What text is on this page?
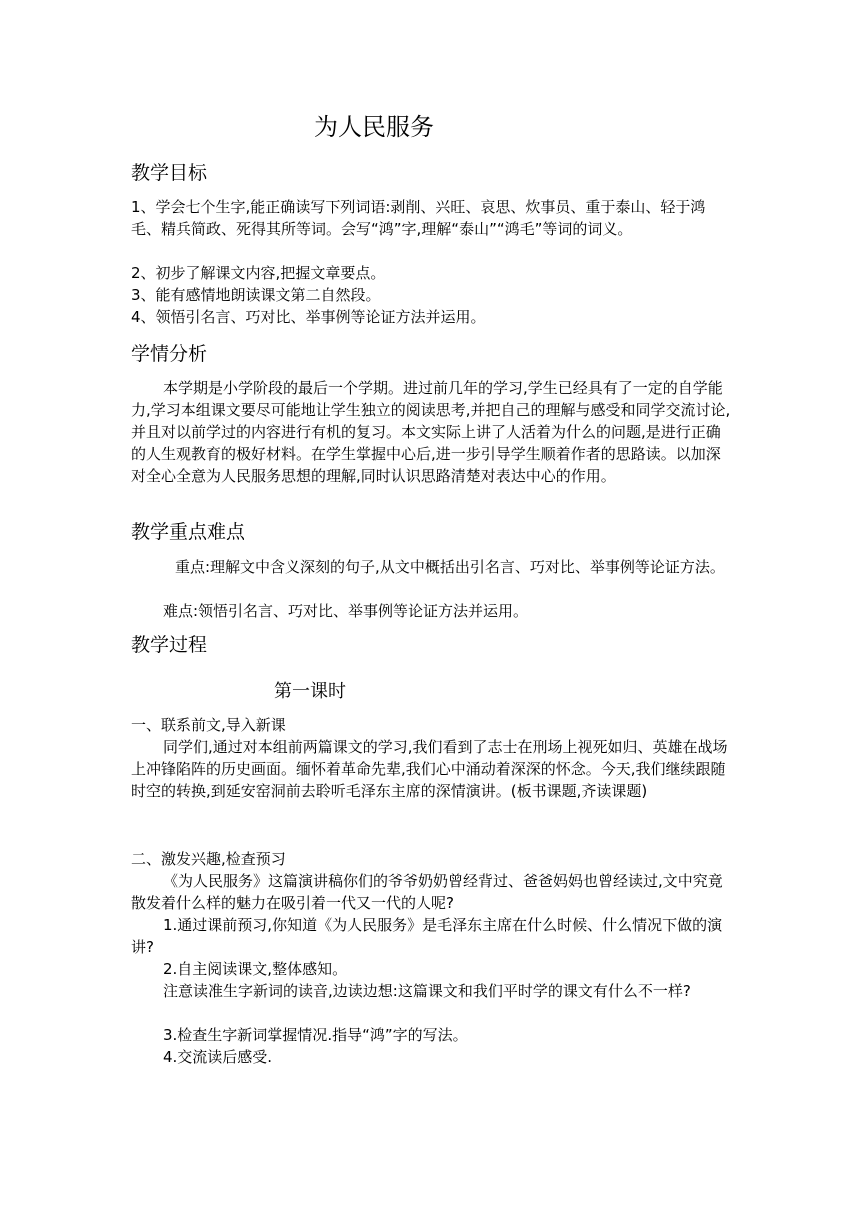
为人民服务
教学目标
1、学会七个生字,能正确读写下列词语:剥削、兴旺、哀思、炊事员、重于泰山、轻于鸿毛、精兵简政、死得其所等词。会写“鸿”字,理解“泰山”“鸿毛”等词的词义。
2、初步了解课文内容,把握文章要点。
3、能有感情地朗读课文第二自然段。
4、领悟引名言、巧对比、举事例等论证方法并运用。
学情分析
本学期是小学阶段的最后一个学期。进过前几年的学习,学生已经具有了一定的自学能力,学习本组课文要尽可能地让学生独立的阅读思考,并把自己的理解与感受和同学交流讨论,并且对以前学过的内容进行有机的复习。本文实际上讲了人活着为什么的问题,是进行正确的人生观教育的极好材料。在学生掌握中心后,进一步引导学生顺着作者的思路读。以加深对全心全意为人民服务思想的理解,同时认识思路清楚对表达中心的作用。
教学重点难点
重点:理解文中含义深刻的句子,从文中概括出引名言、巧对比、举事例等论证方法。
难点:领悟引名言、巧对比、举事例等论证方法并运用。
教学过程
第一课时
一、联系前文,导入新课
同学们,通过对本组前两篇课文的学习,我们看到了志士在刑场上视死如归、英雄在战场上冲锋陷阵的历史画面。缅怀着革命先辈,我们心中涌动着深深的怀念。今天,我们继续跟随时空的转换,到延安窑洞前去聆听毛泽东主席的深情演讲。(板书课题,齐读课题)
二、激发兴趣,检查预习
《为人民服务》这篇演讲稿你们的爷爷奶奶曾经背过、爸爸妈妈也曾经读过,文中究竟散发着什么样的魅力在吸引着一代又一代的人呢?
1.通过课前预习,你知道《为人民服务》是毛泽东主席在什么时候、什么情况下做的演讲?
2.自主阅读课文,整体感知。
注意读准生字新词的读音,边读边想:这篇课文和我们平时学的课文有什么不一样?
3.检查生字新词掌握情况.指导“鸿”字的写法。
4.交流读后感受.
